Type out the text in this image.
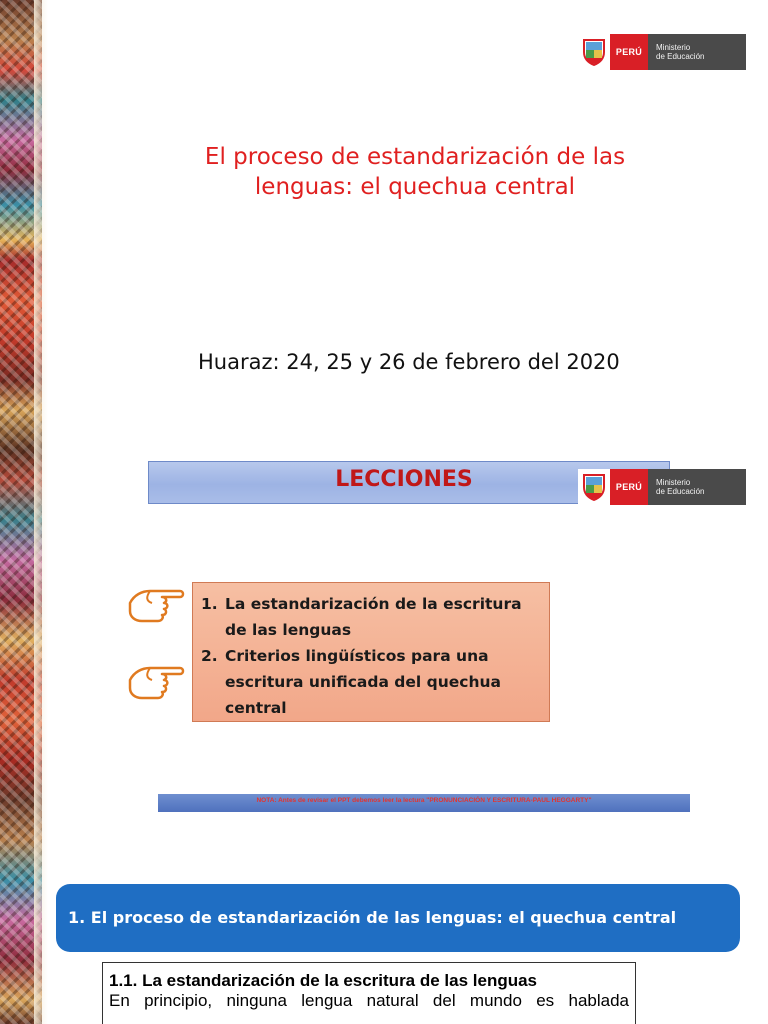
PERÚ	Ministerio
de Educación
El proceso de estandarización de las
lenguas: el quechua central
Huaraz: 24, 25 y 26 de febrero del 2020
LECCIONES	PERÚ	Ministerio
de Educación
1. La estandarización de la escritura
de las lenguas
2. Criterios lingüísticos para una
escritura unificada del quechua
central
NOTA: Antes de revisar el PPT debemos leer la lectura "PRONUNCIACIÓN Y ESCRITURA-PAUL HEGGARTY"
1. El proceso de estandarización de las lenguas: el quechua central
1.1. La estandarización de la escritura de las lenguas
En principio, ninguna lengua natural del mundo es hablada
